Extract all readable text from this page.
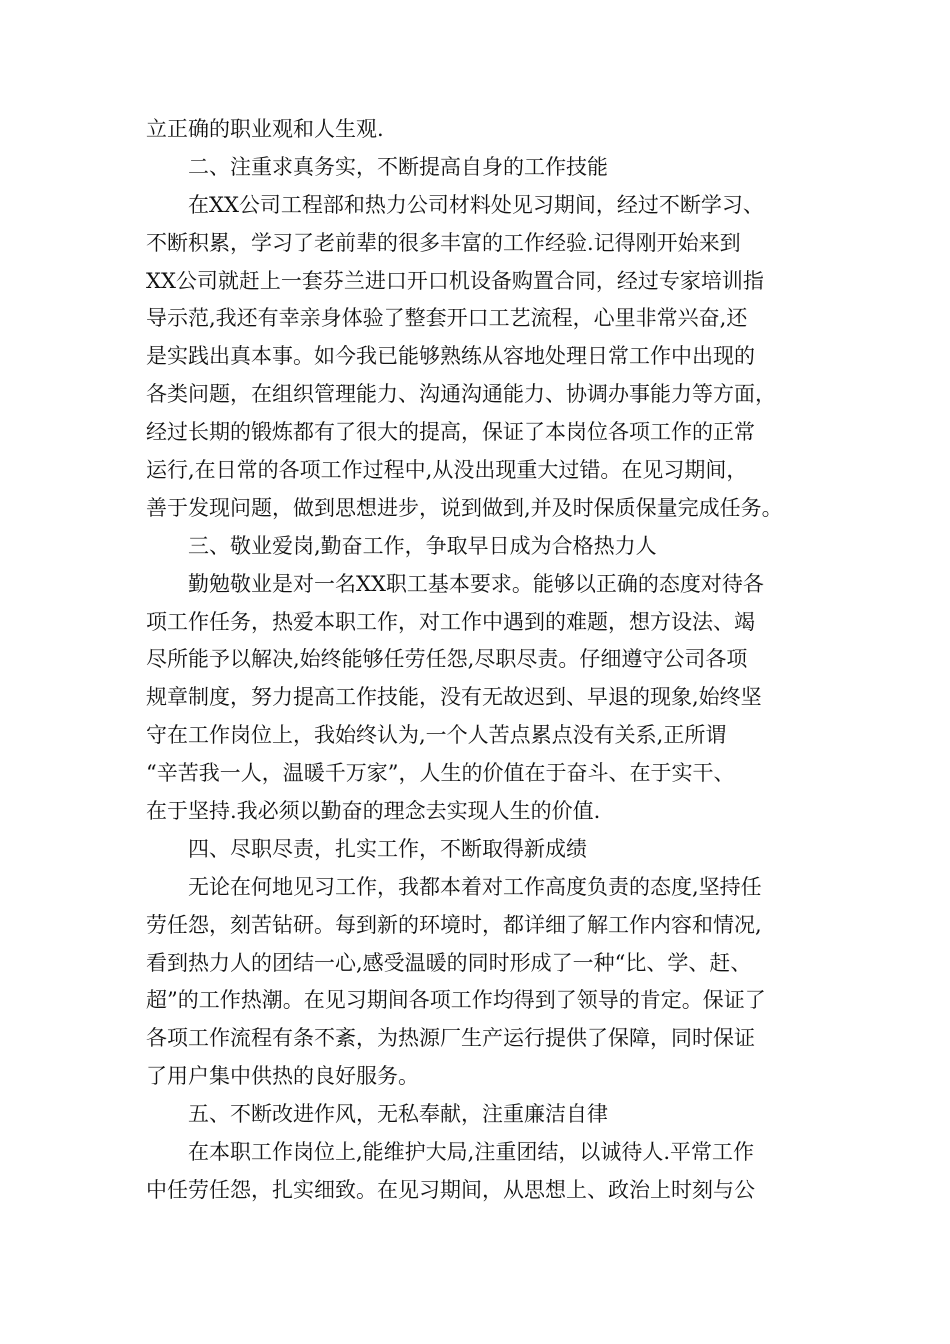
立正确的职业观和人生观.
二、注重求真务实，不断提高自身的工作技能
在XX公司工程部和热力公司材料处见习期间，经过不断学习、
不断积累，学习了老前辈的很多丰富的工作经验.记得刚开始来到
XX公司就赶上一套芬兰进口开口机设备购置合同，经过专家培训指
导示范,我还有幸亲身体验了整套开口工艺流程，心里非常兴奋,还
是实践出真本事。如今我已能够熟练从容地处理日常工作中出现的
各类问题，在组织管理能力、沟通沟通能力、协调办事能力等方面，
经过长期的锻炼都有了很大的提高，保证了本岗位各项工作的正常
运行,在日常的各项工作过程中,从没出现重大过错。在见习期间，
善于发现问题，做到思想进步，说到做到,并及时保质保量完成任务。
三、敬业爱岗,勤奋工作，争取早日成为合格热力人
勤勉敬业是对一名XX职工基本要求。能够以正确的态度对待各
项工作任务，热爱本职工作，对工作中遇到的难题，想方设法、竭
尽所能予以解决,始终能够任劳任怨,尽职尽责。仔细遵守公司各项
规章制度，努力提高工作技能，没有无故迟到、早退的现象,始终坚
守在工作岗位上，我始终认为,一个人苦点累点没有关系,正所谓
“辛苦我一人，温暖千万家”，人生的价值在于奋斗、在于实干、
在于坚持.我必须以勤奋的理念去实现人生的价值.
四、尽职尽责，扎实工作，不断取得新成绩
无论在何地见习工作，我都本着对工作高度负责的态度,坚持任
劳任怨，刻苦钻研。每到新的环境时，都详细了解工作内容和情况,
看到热力人的团结一心,感受温暖的同时形成了一种“比、学、赶、
超”的工作热潮。在见习期间各项工作均得到了领导的肯定。保证了
各项工作流程有条不紊，为热源厂生产运行提供了保障，同时保证
了用户集中供热的良好服务。
五、不断改进作风，无私奉献，注重廉洁自律
在本职工作岗位上,能维护大局,注重团结，以诚待人.平常工作
中任劳任怨，扎实细致。在见习期间，从思想上、政治上时刻与公
